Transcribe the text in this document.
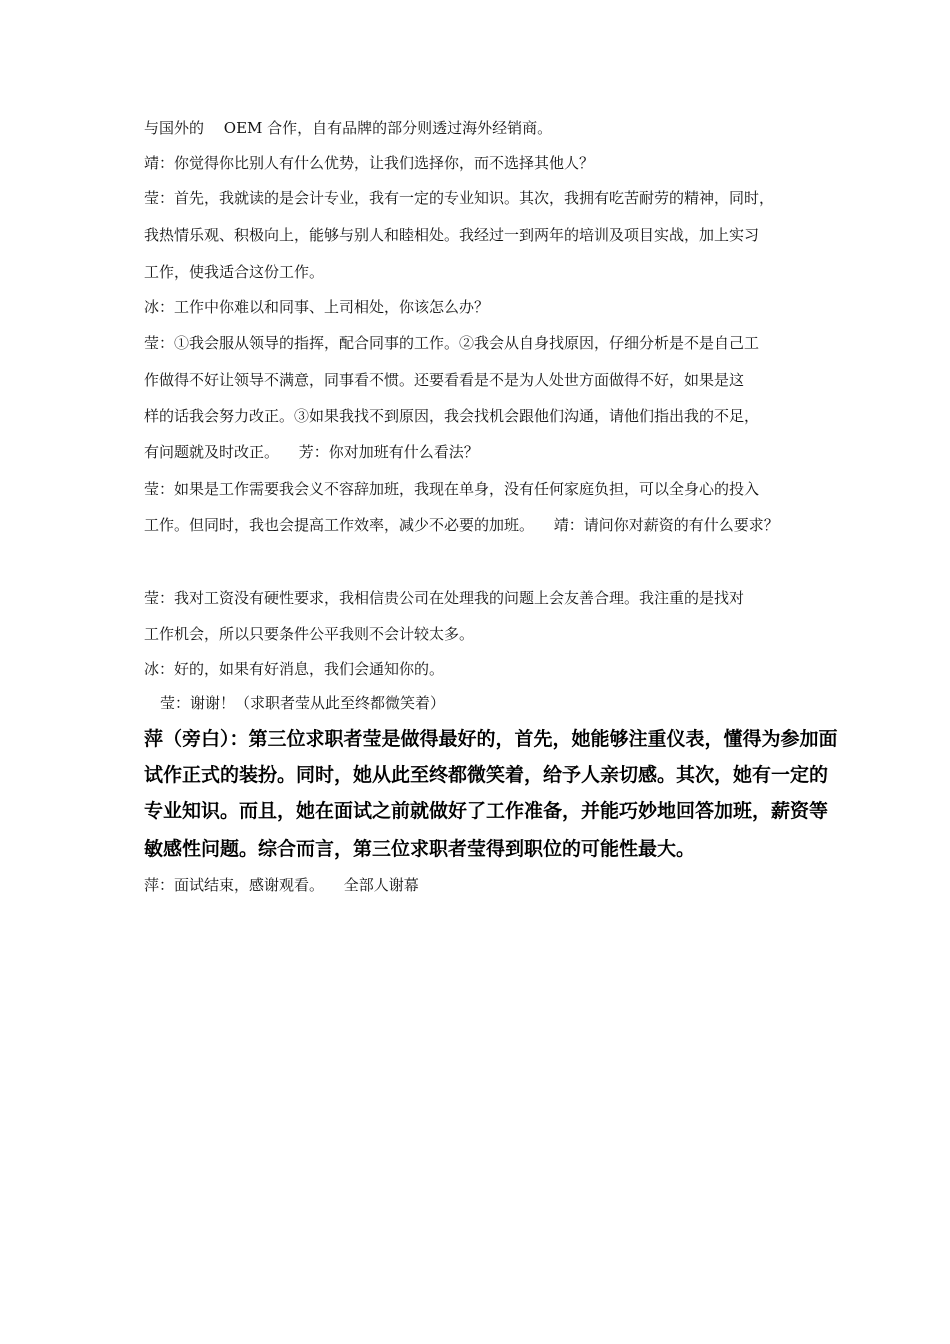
与国外的 　OEM 合作，自有品牌的部分则透过海外经销商。
靖：你觉得你比别人有什么优势，让我们选择你，而不选择其他人？
莹：首先，我就读的是会计专业，我有一定的专业知识。其次，我拥有吃苦耐劳的精神，同时，
我热情乐观、积极向上，能够与别人和睦相处。我经过一到两年的培训及项目实战，加上实习
工作，使我适合这份工作。
冰：工作中你难以和同事、上司相处，你该怎么办？
莹：①我会服从领导的指挥，配合同事的工作。②我会从自身找原因，仔细分析是不是自己工
作做得不好让领导不满意，同事看不惯。还要看看是不是为人处世方面做得不好，如果是这
样的话我会努力改正。③如果我找不到原因，我会找机会跟他们沟通，请他们指出我的不足，
有问题就及时改正。 　芳：你对加班有什么看法？
莹：如果是工作需要我会义不容辞加班，我现在单身，没有任何家庭负担，可以全身心的投入
工作。但同时，我也会提高工作效率，减少不必要的加班。 　靖：请问你对薪资的有什么要求？
莹：我对工资没有硬性要求，我相信贵公司在处理我的问题上会友善合理。我注重的是找对
工作机会，所以只要条件公平我则不会计较太多。
冰：好的，如果有好消息，我们会通知你的。
莹：谢谢！（求职者莹从此至终都微笑着）
萍（旁白）：第三位求职者莹是做得最好的，首先，她能够注重仪表，懂得为参加面
试作正式的装扮。同时，她从此至终都微笑着，给予人亲切感。其次，她有一定的
专业知识。而且，她在面试之前就做好了工作准备，并能巧妙地回答加班，薪资等
敏感性问题。综合而言，第三位求职者莹得到职位的可能性最大。
萍：面试结束，感谢观看。 　全部人谢幕
